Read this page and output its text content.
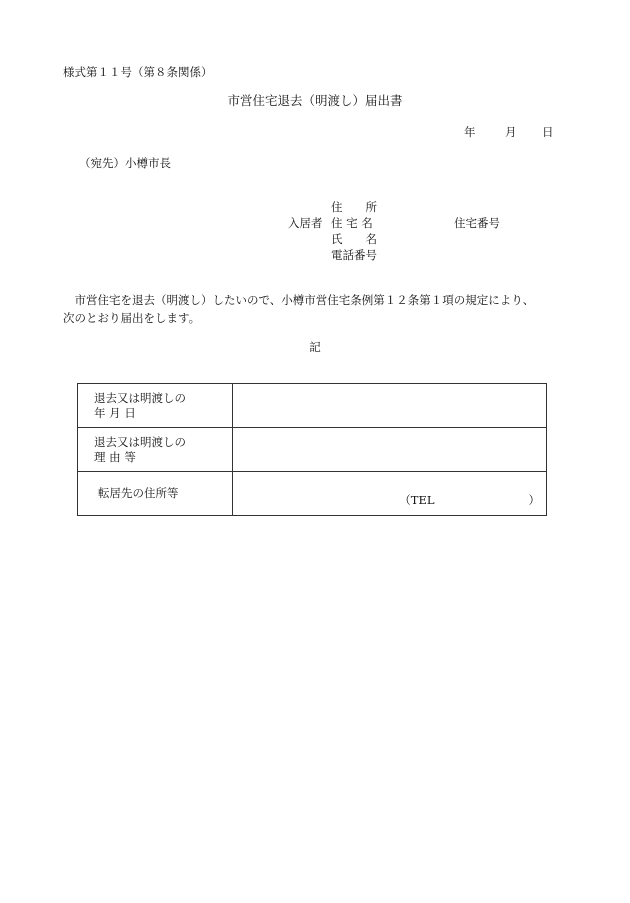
様式第１１号（第８条関係）
市営住宅退去（明渡し）届出書
年	月 日
（宛先）小樽市長
入居者
住　　所
住 宅 名
氏　　名
電話番号
住宅番号
　市営住宅を退去（明渡し）したいので、小樽市営住宅条例第１２条第１項の規定により、
次のとおり届出をします。
記
退去又は明渡しの
年 月 日	

退去又は明渡しの
理 由 等	

転居先の住所等	（TEL ）
